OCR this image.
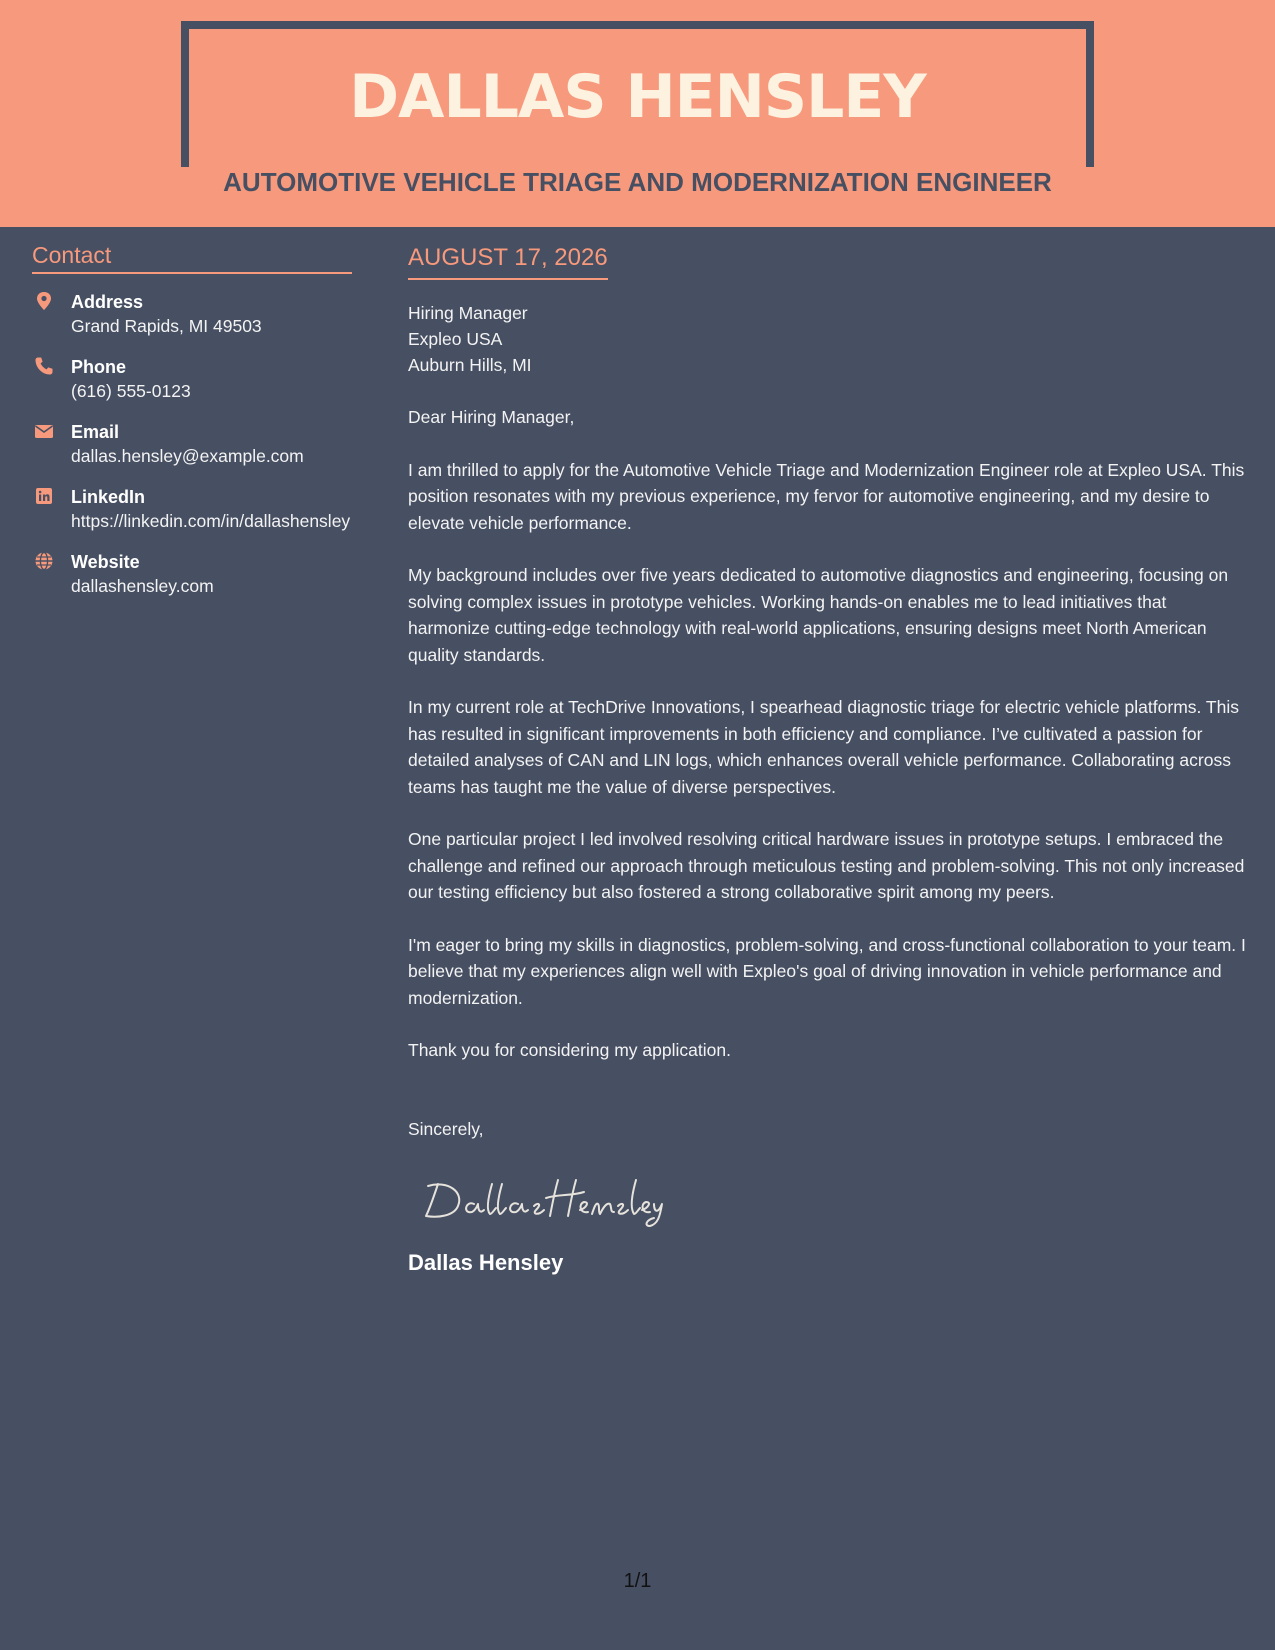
DALLAS HENSLEY
AUTOMOTIVE VEHICLE TRIAGE AND MODERNIZATION ENGINEER
Contact
Address
Grand Rapids, MI 49503
Phone
(616) 555-0123
Email
dallas.hensley@example.com
LinkedIn
https://linkedin.com/in/dallashensley
Website
dallashensley.com
AUGUST 17, 2026
Hiring Manager
Expleo USA
Auburn Hills, MI

Dear Hiring Manager,

I am thrilled to apply for the Automotive Vehicle Triage and Modernization Engineer role at Expleo USA. This position resonates with my previous experience, my fervor for automotive engineering, and my desire to elevate vehicle performance.

My background includes over five years dedicated to automotive diagnostics and engineering, focusing on solving complex issues in prototype vehicles. Working hands-on enables me to lead initiatives that harmonize cutting-edge technology with real-world applications, ensuring designs meet North American quality standards.

In my current role at TechDrive Innovations, I spearhead diagnostic triage for electric vehicle platforms. This has resulted in significant improvements in both efficiency and compliance. I’ve cultivated a passion for detailed analyses of CAN and LIN logs, which enhances overall vehicle performance. Collaborating across teams has taught me the value of diverse perspectives.

One particular project I led involved resolving critical hardware issues in prototype setups. I embraced the challenge and refined our approach through meticulous testing and problem-solving. This not only increased our testing efficiency but also fostered a strong collaborative spirit among my peers.

I'm eager to bring my skills in diagnostics, problem-solving, and cross-functional collaboration to your team. I believe that my experiences align well with Expleo's goal of driving innovation in vehicle performance and modernization.

Thank you for considering my application.

Sincerely,

Dallas Hensley
1/1
